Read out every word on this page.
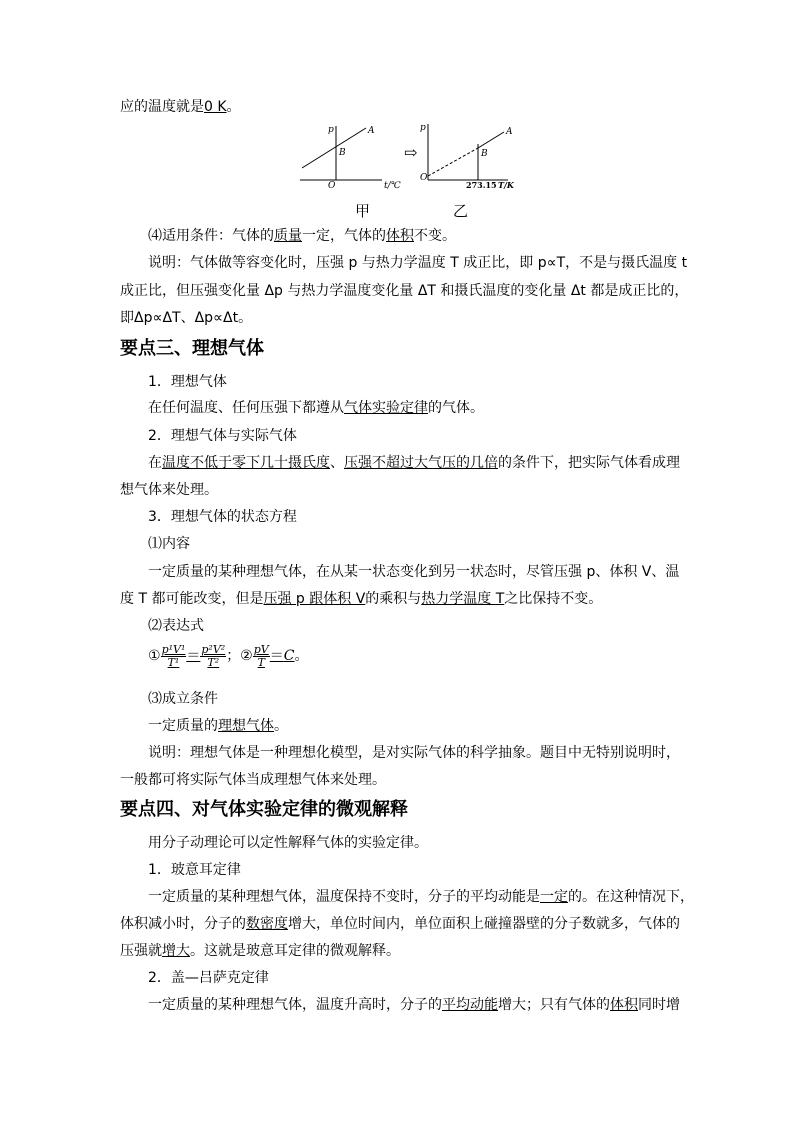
应的温度就是0 K。
p	A
B
O	t/℃
⇨
p	A
B
O
273.15 T/K
甲	乙
⑷适用条件：气体的质量一定，气体的体积不变。
说明：气体做等容变化时，压强 p 与热力学温度 T 成正比，即 p∝T，不是与摄氏温度 t
成正比，但压强变化量 Δp 与热力学温度变化量 ΔT 和摄氏温度的变化量 Δt 都是成正比的，
即Δp∝ΔT、Δp∝Δt。
要点三、理想气体
1．理想气体
在任何温度、任何压强下都遵从气体实验定律的气体。
2．理想气体与实际气体
在温度不低于零下几十摄氏度、压强不超过大气压的几倍的条件下，把实际气体看成理
想气体来处理。
3．理想气体的状态方程
⑴内容
一定质量的某种理想气体，在从某一状态变化到另一状态时，尽管压强 p、体积 V、温
度 T 都可能改变，但是压强 p 跟体积 V的乘积与热力学温度 T之比保持不变。
⑵表达式
① $\frac{\text{p¹V¹}}{\text{T¹}} = \frac{\text{p²V²}}{\text{T²}}$ ；② $\frac{pV}{T} =C$。
⑶成立条件
一定质量的理想气体。
说明：理想气体是一种理想化模型，是对实际气体的科学抽象。题目中无特别说明时，
一般都可将实际气体当成理想气体来处理。
要点四、对气体实验定律的微观解释
用分子动理论可以定性解释气体的实验定律。
1．玻意耳定律
一定质量的某种理想气体，温度保持不变时，分子的平均动能是一定的。在这种情况下，
体积减小时，分子的数密度增大，单位时间内，单位面积上碰撞器壁的分子数就多，气体的
压强就增大。这就是玻意耳定律的微观解释。
2．盖—吕萨克定律
一定质量的某种理想气体，温度升高时，分子的平均动能增大；只有气体的体积同时增
